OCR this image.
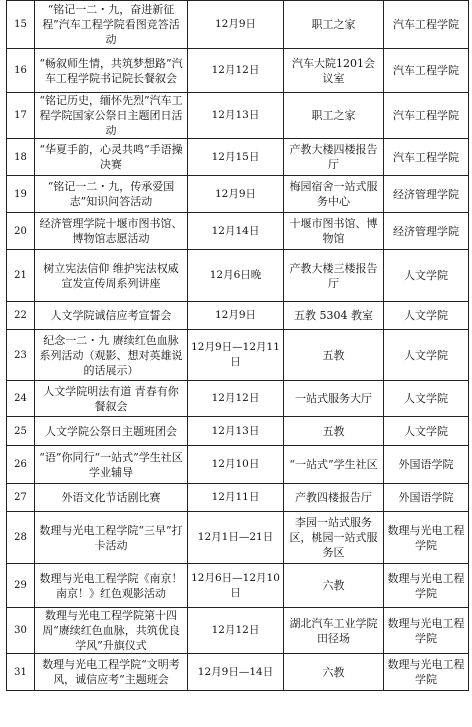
15	“铭记一二・九，奋进新征程”汽车工程学院看图竞答活动	12月9日	职工之家	汽车工程学院
16	“畅叙师生情，共筑梦想路”汽车工程学院书记院长餐叙会	12月12日	汽车大院1201会议室	汽车工程学院
17	“铭记历史，缅怀先烈”汽车工程学院国家公祭日主题团日活动	12月13日	职工之家	汽车工程学院
18	“华夏手韵，心灵共鸣”手语操决赛	12月15日	产教大楼四楼报告厅	汽车工程学院
19	“铭记一二・九，传承爱国志”知识问答活动	12月9日	梅园宿舍一站式服务中心	经济管理学院
20	经济管理学院十堰市图书馆、博物馆志愿活动	12月14日	十堰市图书馆、博物馆	经济管理学院
21	树立宪法信仰 维护宪法权威 宣发宣传周系列讲座	12月6日晚	产教大楼三楼报告厅	人文学院
22	人文学院诚信应考宣誓会	12月9日	五教 5304 教室	人文学院
23	纪念一二・九 赓续红色血脉系列活动（观影、想对英雄说的话展示）	12月9日—12月11日	五教	人文学院
24	人文学院明法有道 青春有你餐叙会	12月12日	一站式服务大厅	人文学院
25	人文学院公祭日主题班团会	12月13日	五教	人文学院
26	“语”你同行“一站式”学生社区学业辅导	12月10日	“一站式”学生社区	外国语学院
27	外语文化节话剧比赛	12月11日	产教四楼报告厅	外国语学院
28	数理与光电工程学院“三早”打卡活动	12月1日—21日	李园一站式服务区，桃园一站式服务区	数理与光电工程学院
29	数理与光电工程学院《南京！南京！》红色观影活动	12月6日—12月10日	六教	数理与光电工程学院
30	数理与光电工程学院第十四周“赓续红色血脉，共筑优良学风”升旗仪式	12月12日	湖北汽车工业学院田径场	数理与光电工程学院
31	数理与光电工程学院“文明考风，诚信应考”主题班会	12月9日—14日	六教	数理与光电工程学院
